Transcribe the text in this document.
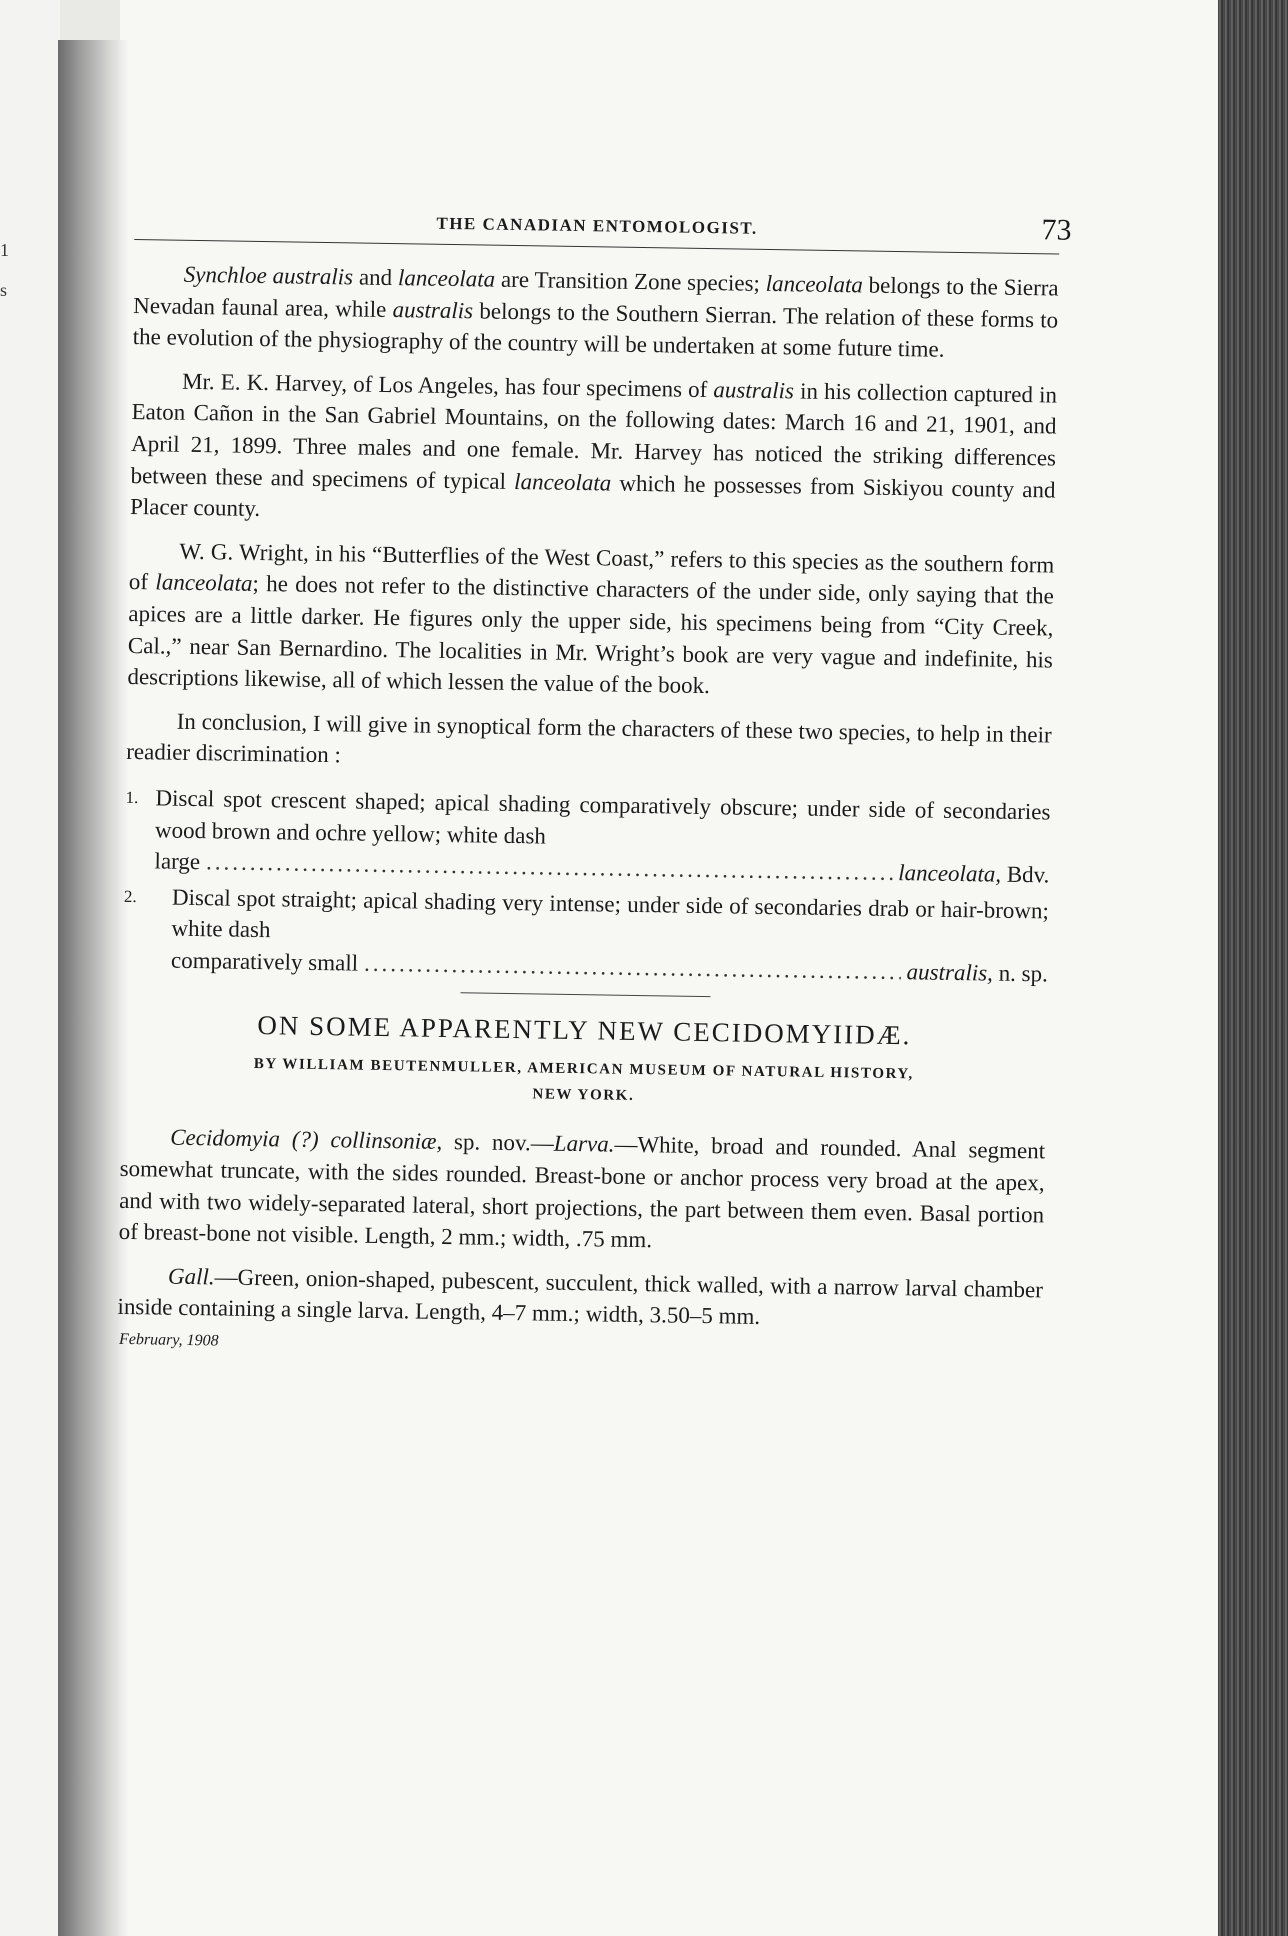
1
s
THE CANADIAN ENTOMOLOGIST.	73

Synchloe australis and lanceolata are Transition Zone species; lanceolata belongs to the Sierra Nevadan faunal area, while australis belongs to the Southern Sierran. The relation of these forms to the evolution of the physiography of the country will be undertaken at some future time.

Mr. E. K. Harvey, of Los Angeles, has four specimens of australis in his collection captured in Eaton Cañon in the San Gabriel Mountains, on the following dates: March 16 and 21, 1901, and April 21, 1899. Three males and one female. Mr. Harvey has noticed the striking differences between these and specimens of typical lanceolata which he possesses from Siskiyou county and Placer county.

W. G. Wright, in his “Butterflies of the West Coast,” refers to this species as the southern form of lanceolata; he does not refer to the distinctive characters of the under side, only saying that the apices are a little darker. He figures only the upper side, his specimens being from “City Creek, Cal.,” near San Bernardino. The localities in Mr. Wright’s book are very vague and indefinite, his descriptions likewise, all of which lessen the value of the book.

In conclusion, I will give in synoptical form the characters of these two species, to help in their readier discrimination :

1. Discal spot crescent shaped; apical shading comparatively obscure; under side of secondaries wood brown and ochre yellow; white dash
large .....	lanceolata, Bdv.
2. Discal spot straight; apical shading very intense; under side of secondaries drab or hair-brown; white dash
comparatively small .....	australis, n. sp.
ON SOME APPARENTLY NEW CECIDOMYIIDÆ.
BY WILLIAM BEUTENMULLER, AMERICAN MUSEUM OF NATURAL HISTORY,
NEW YORK.

Cecidomyia (?) collinsoniæ, sp. nov.—Larva.—White, broad and rounded. Anal segment somewhat truncate, with the sides rounded. Breast-bone or anchor process very broad at the apex, and with two widely-separated lateral, short projections, the part between them even. Basal portion of breast-bone not visible. Length, 2 mm.; width, .75 mm.

Gall.—Green, onion-shaped, pubescent, succulent, thick walled, with a narrow larval chamber inside containing a single larva. Length, 4–7 mm.; width, 3.50–5 mm.

February, 1908
